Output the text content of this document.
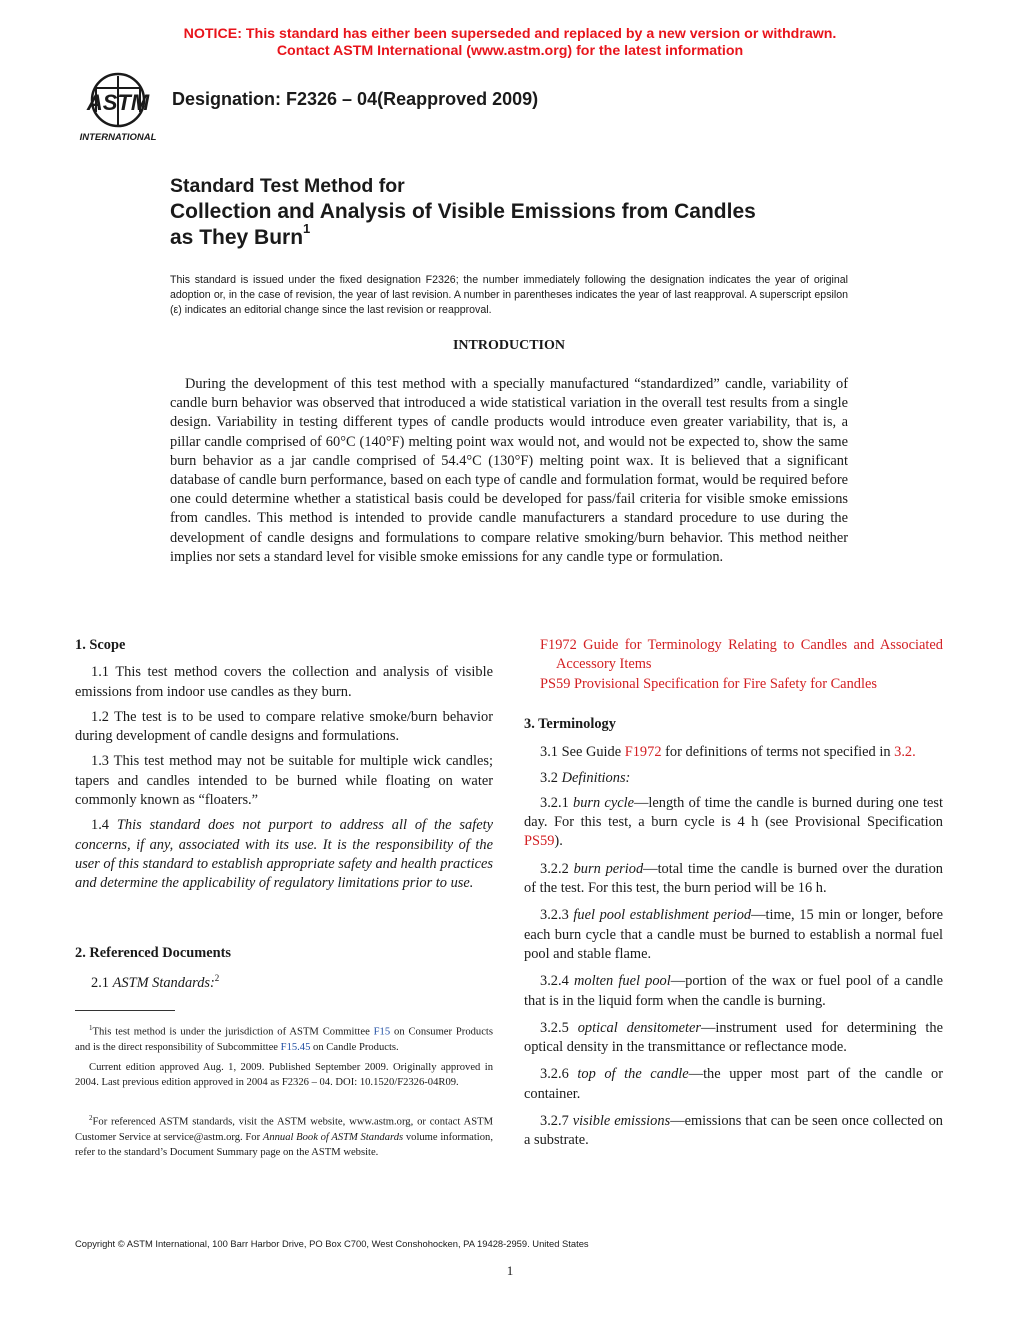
NOTICE: This standard has either been superseded and replaced by a new version or withdrawn.
Contact ASTM International (www.astm.org) for the latest information
ASTM
INTERNATIONAL
Designation: F2326 – 04(Reapproved 2009)
Standard Test Method for
Collection and Analysis of Visible Emissions from Candles
as They Burn$^1$
This standard is issued under the fixed designation F2326; the number immediately following the designation indicates the year of original adoption or, in the case of revision, the year of last revision. A number in parentheses indicates the year of last reapproval. A superscript epsilon (ε) indicates an editorial change since the last revision or reapproval.
INTRODUCTION
During the development of this test method with a specially manufactured “standardized” candle, variability of candle burn behavior was observed that introduced a wide statistical variation in the overall test results from a single design. Variability in testing different types of candle products would introduce even greater variability, that is, a pillar candle comprised of 60°C (140°F) melting point wax would not, and would not be expected to, show the same burn behavior as a jar candle comprised of 54.4°C (130°F) melting point wax. It is believed that a significant database of candle burn performance, based on each type of candle and formulation format, would be required before one could determine whether a statistical basis could be developed for pass/fail criteria for visible smoke emissions from candles. This method is intended to provide candle manufacturers a standard procedure to use during the development of candle designs and formulations to compare relative smoking/burn behavior. This method neither implies nor sets a standard level for visible smoke emissions for any candle type or formulation.
1. Scope

1.1 This test method covers the collection and analysis of visible emissions from indoor use candles as they burn.

1.2 The test is to be used to compare relative smoke/burn behavior during development of candle designs and formulations.

1.3 This test method may not be suitable for multiple wick candles; tapers and candles intended to be burned while floating on water commonly known as “floaters.”

1.4 This standard does not purport to address all of the safety concerns, if any, associated with its use. It is the responsibility of the user of this standard to establish appropriate safety and health practices and determine the applicability of regulatory limitations prior to use.

2. Referenced Documents

2.1 ASTM Standards:$^2$

$^1$This test method is under the jurisdiction of ASTM Committee F15 on Consumer Products and is the direct responsibility of Subcommittee F15.45 on Candle Products.

Current edition approved Aug. 1, 2009. Published September 2009. Originally approved in 2004. Last previous edition approved in 2004 as F2326 – 04. DOI: 10.1520/F2326-04R09.

$^2$For referenced ASTM standards, visit the ASTM website, www.astm.org, or contact ASTM Customer Service at service@astm.org. For Annual Book of ASTM Standards volume information, refer to the standard’s Document Summary page on the ASTM website.

F1972 Guide for Terminology Relating to Candles and Associated Accessory Items
PS59 Provisional Specification for Fire Safety for Candles
3. Terminology

3.1 See Guide F1972 for definitions of terms not specified in 3.2.

3.2 Definitions:

3.2.1 burn cycle—length of time the candle is burned during one test day. For this test, a burn cycle is 4 h (see Provisional Specification PS59).

3.2.2 burn period—total time the candle is burned over the duration of the test. For this test, the burn period will be 16 h.

3.2.3 fuel pool establishment period—time, 15 min or longer, before each burn cycle that a candle must be burned to establish a normal fuel pool and stable flame.

3.2.4 molten fuel pool—portion of the wax or fuel pool of a candle that is in the liquid form when the candle is burning.

3.2.5 optical densitometer—instrument used for determining the optical density in the transmittance or reflectance mode.

3.2.6 top of the candle—the upper most part of the candle or container.

3.2.7 visible emissions—emissions that can be seen once collected on a substrate.

Copyright © ASTM International, 100 Barr Harbor Drive, PO Box C700, West Conshohocken, PA 19428-2959. United States
1
